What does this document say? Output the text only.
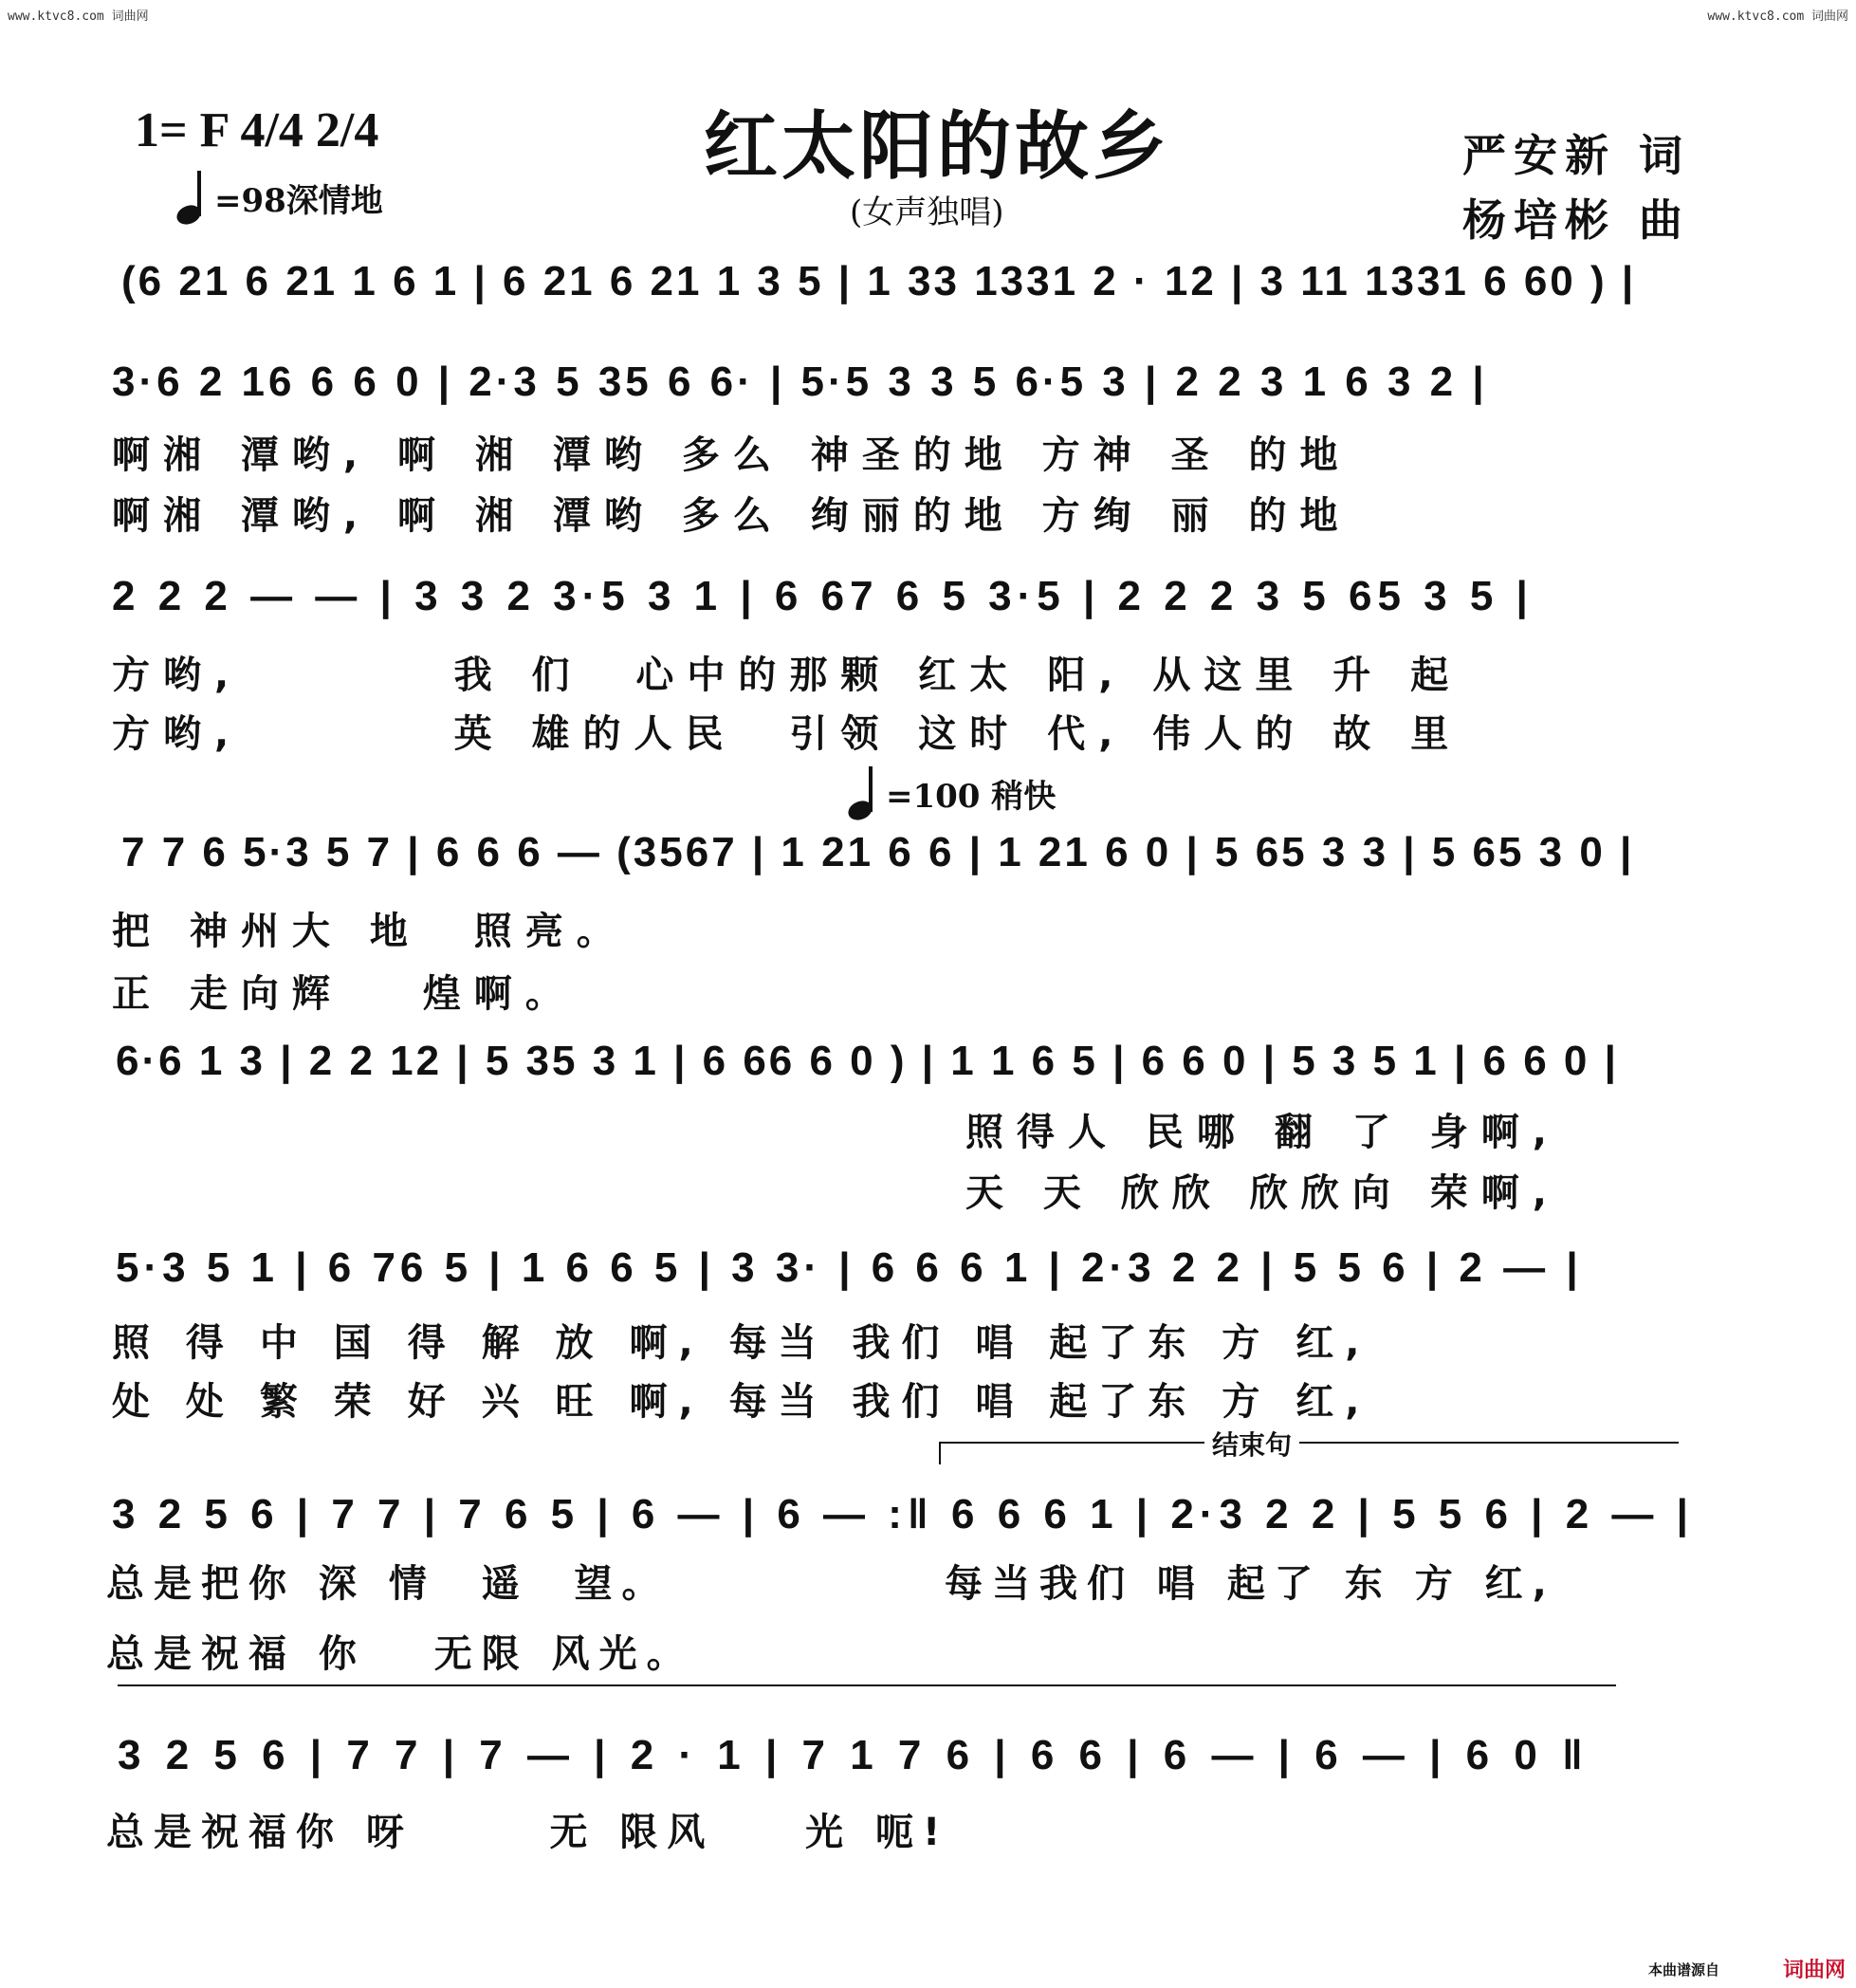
www.ktvc8.com 词曲网	www.ktvc8.com 词曲网
1= F 4/4 2/4
=98深情地
红太阳的故乡
(女声独唱)
严安新 词
杨培彬 曲
(6 21 6 21 1 6 1 | 6 21 6 21 1 3 5 | 1 33 1331 2 · 12 | 3 11 1331 6 60 ) |
3·6 2 16 6 6 0 | 2·3 5 35 6 6· | 5·5 3 3 5 6·5 3 | 2 2 3 1 6 3 2 |
啊湘 潭哟, 啊 湘 潭哟 多么 神圣的地 方神 圣 的地
啊湘 潭哟, 啊 湘 潭哟 多么 绚丽的地 方绚 丽 的地
2 2 2 — — | 3 3 2 3·5 3 1 | 6 67 6 5 3·5 | 2 2 2 3 5 65 3 5 |
方哟,        我 们  心中的那颗 红太 阳, 从这里 升 起
方哟,        英 雄的人民  引领 这时 代, 伟人的 故 里
=100 稍快
7 7 6 5·3 5 7 | 6 6 6 — (3567 | 1 21 6 6 | 1 21 6 0 | 5 65 3 3 | 5 65 3 0 |
把 神州大 地  照亮。
正 走向辉   煌啊。
6·6 1 3 | 2 2 12 | 5 35 3 1 | 6 66 6 0 ) | 1 1 6 5 | 6 6 0 | 5 3 5 1 | 6 6 0 |
照得人 民哪 翻 了 身啊,
天 天 欣欣 欣欣向 荣啊,
5·3 5 1 | 6 76 5 | 1 6 6 5 | 3 3· | 6 6 6 1 | 2·3 2 2 | 5 5 6 | 2 — |
照 得 中 国 得 解 放 啊, 每当 我们 唱 起了东 方 红,
处 处 繁 荣 好 兴 旺 啊, 每当 我们 唱 起了东 方 红,
结束句
3 2 5 6 | 7 7 | 7 6 5 | 6 — | 6 — :‖ 6 6 6 1 | 2·3 2 2 | 5 5 6 | 2 — |
总是把你 深 情  遥  望。	每当我们 唱 起了 东 方 红,
总是祝福 你   无限 风光。
3 2 5 6 | 7 7 | 7 — | 2 · 1 | 7 1 7 6 | 6 6 | 6 — | 6 — | 6 0 ‖
总是祝福你 呀      无 限风    光 呃!
本曲谱源自	词曲网
